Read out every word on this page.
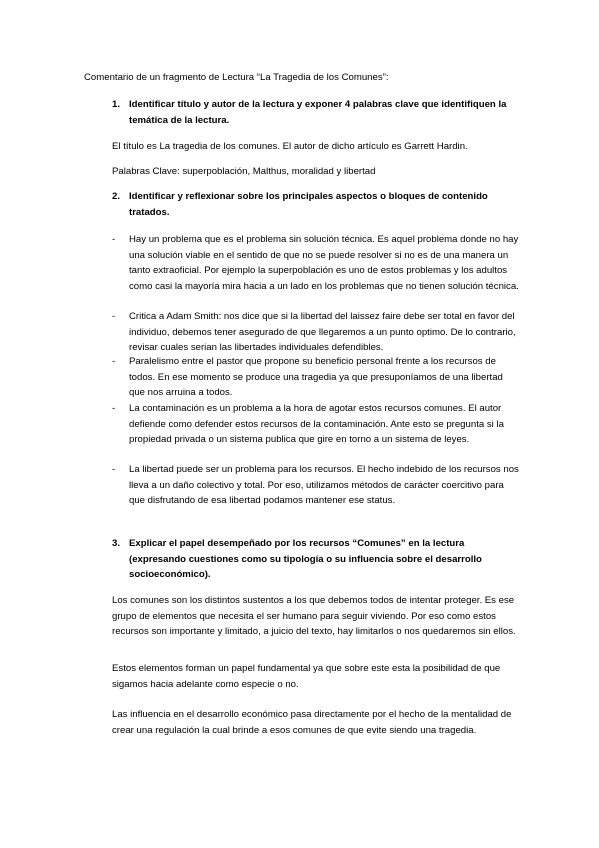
Comentario de un fragmento de Lectura “La Tragedia de los Comunes”:

1. Identificar título y autor de la lectura y exponer 4 palabras clave que identifiquen la temática de la lectura.

El título es La tragedia de los comunes. El autor de dicho artículo es Garrett Hardin.

Palabras Clave: superpoblación, Malthus, moralidad y libertad

2. Identificar y reflexionar sobre los principales aspectos o bloques de contenido tratados.

-	Hay un problema que es el problema sin solución técnica. Es aquel problema donde no hay una solución viable en el sentido de que no se puede resolver si no es de una manera un tanto extraoficial. Por ejemplo la superpoblación es uno de estos problemas y los adultos como casi la mayoría mira hacia a un lado en los problemas que no tienen solución técnica.

-	Critica a Adam Smith: nos dice que si la libertad del laissez faire debe ser total en favor del individuo, debemos tener asegurado de que llegaremos a un punto optimo. De lo contrario, revisar cuales serian las libertades individuales defendibles.

-	Paralelismo entre el pastor que propone su beneficio personal frente a los recursos de todos. En ese momento se produce una tragedia ya que presuponíamos de una libertad que nos arruina a todos.

-	La contaminación es un problema a la hora de agotar estos recursos comunes. El autor defiende como defender estos recursos de la contaminación. Ante esto se pregunta si la propiedad privada o un sistema publica que gire en torno a un sistema de leyes.

-	La libertad puede ser un problema para los recursos. El hecho indebido de los recursos nos lleva a un daño colectivo y total. Por eso, utilizamos métodos de carácter coercitivo para que disfrutando de esa libertad podamos mantener ese status.

3. Explicar el papel desempeñado por los recursos “Comunes” en la lectura (expresando cuestiones como su tipología o su influencia sobre el desarrollo socioeconómico).

Los comunes son los distintos sustentos a los que debemos todos de intentar proteger. Es ese grupo de elementos que necesita el ser humano para seguir viviendo. Por eso como estos recursos son importante y limitado, a juicio del texto, hay limitarlos o nos quedaremos sin ellos.

Estos elementos forman un papel fundamental ya que sobre este esta la posibilidad de que sigamos hacia adelante como especie o no.

Las influencia en el desarrollo económico pasa directamente por el hecho de la mentalidad de crear una regulación la cual brinde a esos comunes de que evite siendo una tragedia.
